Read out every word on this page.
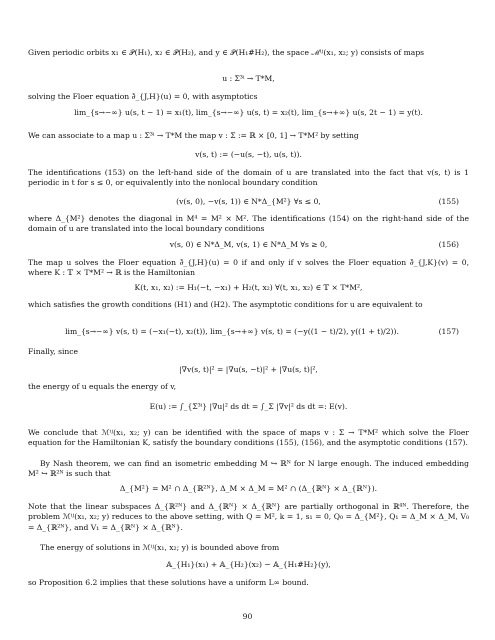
Given periodic orbits x₁ ∈ 𝒫(H₁), x₂ ∈ 𝒫(H₂), and y ∈ 𝒫(H₁#H₂), the space ℳⁱʲ(x₁, x₂; y) consists of maps
u : Σ³ⁱ → T*M,
solving the Floer equation ∂̄_{J,H}(u) = 0, with asymptotics
lim_{s→−∞} u(s, t − 1) = x₁(t), lim_{s→−∞} u(s, t) = x₂(t), lim_{s→+∞} u(s, 2t − 1) = y(t).
We can associate to a map u : Σ³ⁱ → T*M the map v : Σ := ℝ × [0, 1] → T*M² by setting
v(s, t) := (−u(s, −t), u(s, t)).
The identifications (153) on the left-hand side of the domain of u are translated into the fact that v(s, t) is 1 periodic in t for s ≤ 0, or equivalently into the nonlocal boundary condition
(v(s, 0), −v(s, 1)) ∈ N*Δ_{M²} ∀s ≤ 0,	(155)
where Δ_{M²} denotes the diagonal in M⁴ = M² × M². The identifications (154) on the right-hand side of the domain of u are translated into the local boundary conditions
v(s, 0) ∈ N*Δ_M, v(s, 1) ∈ N*Δ_M ∀s ≥ 0,	(156)
The map u solves the Floer equation ∂̄_{J,H}(u) = 0 if and only if v solves the Floer equation ∂̄_{J,K}(v) = 0, where K : 𝕋 × T*M² → ℝ is the Hamiltonian
K(t, x₁, x₂) := H₁(−t, −x₁) + H₂(t, x₂) ∀(t, x₁, x₂) ∈ 𝕋 × T*M²,
which satisfies the growth conditions (H1) and (H2). The asymptotic conditions for u are equivalent to
lim_{s→−∞} v(s, t) = (−x₁(−t), x₂(t)), lim_{s→+∞} v(s, t) = (−y((1 − t)/2), y((1 + t)/2)).	(157)
Finally, since
|∇v(s, t)|² = |∇u(s, −t)|² + |∇u(s, t)|²,
the energy of u equals the energy of v,
E(u) := ∫_{Σ³ⁱ} |∇u|² ds dt = ∫_Σ |∇v|² ds dt =: E(v).
We conclude that ℳⁱʲ(x₁, x₂; y) can be identified with the space of maps v : Σ → T*M² which solve the Floer equation for the Hamiltonian K, satisfy the boundary conditions (155), (156), and the asymptotic conditions (157).
By Nash theorem, we can find an isometric embedding M ↪ ℝᴺ for N large enough. The induced embedding M² ↪ ℝ²ᴺ is such that
Δ_{M²} = M² ∩ Δ_{ℝ²ᴺ}, Δ_M × Δ_M = M² ∩ (Δ_{ℝᴺ} × Δ_{ℝᴺ}).
Note that the linear subspaces Δ_{ℝ²ᴺ} and Δ_{ℝᴺ} × Δ_{ℝᴺ} are partially orthogonal in ℝ⁴ᴺ. Therefore, the problem ℳⁱʲ(x₁, x₂; y) reduces to the above setting, with Q = M², k = 1, s₁ = 0, Q₀ = Δ_{M²}, Q₁ = Δ_M × Δ_M, V₀ = Δ_{ℝ²ᴺ}, and V₁ = Δ_{ℝᴺ} × Δ_{ℝᴺ}.
The energy of solutions in ℳⁱʲ(x₁, x₂; y) is bounded above from
𝔸_{H₁}(x₁) + 𝔸_{H₂}(x₂) − 𝔸_{H₁#H₂}(y),
so Proposition 6.2 implies that these solutions have a uniform L∞ bound.
90
